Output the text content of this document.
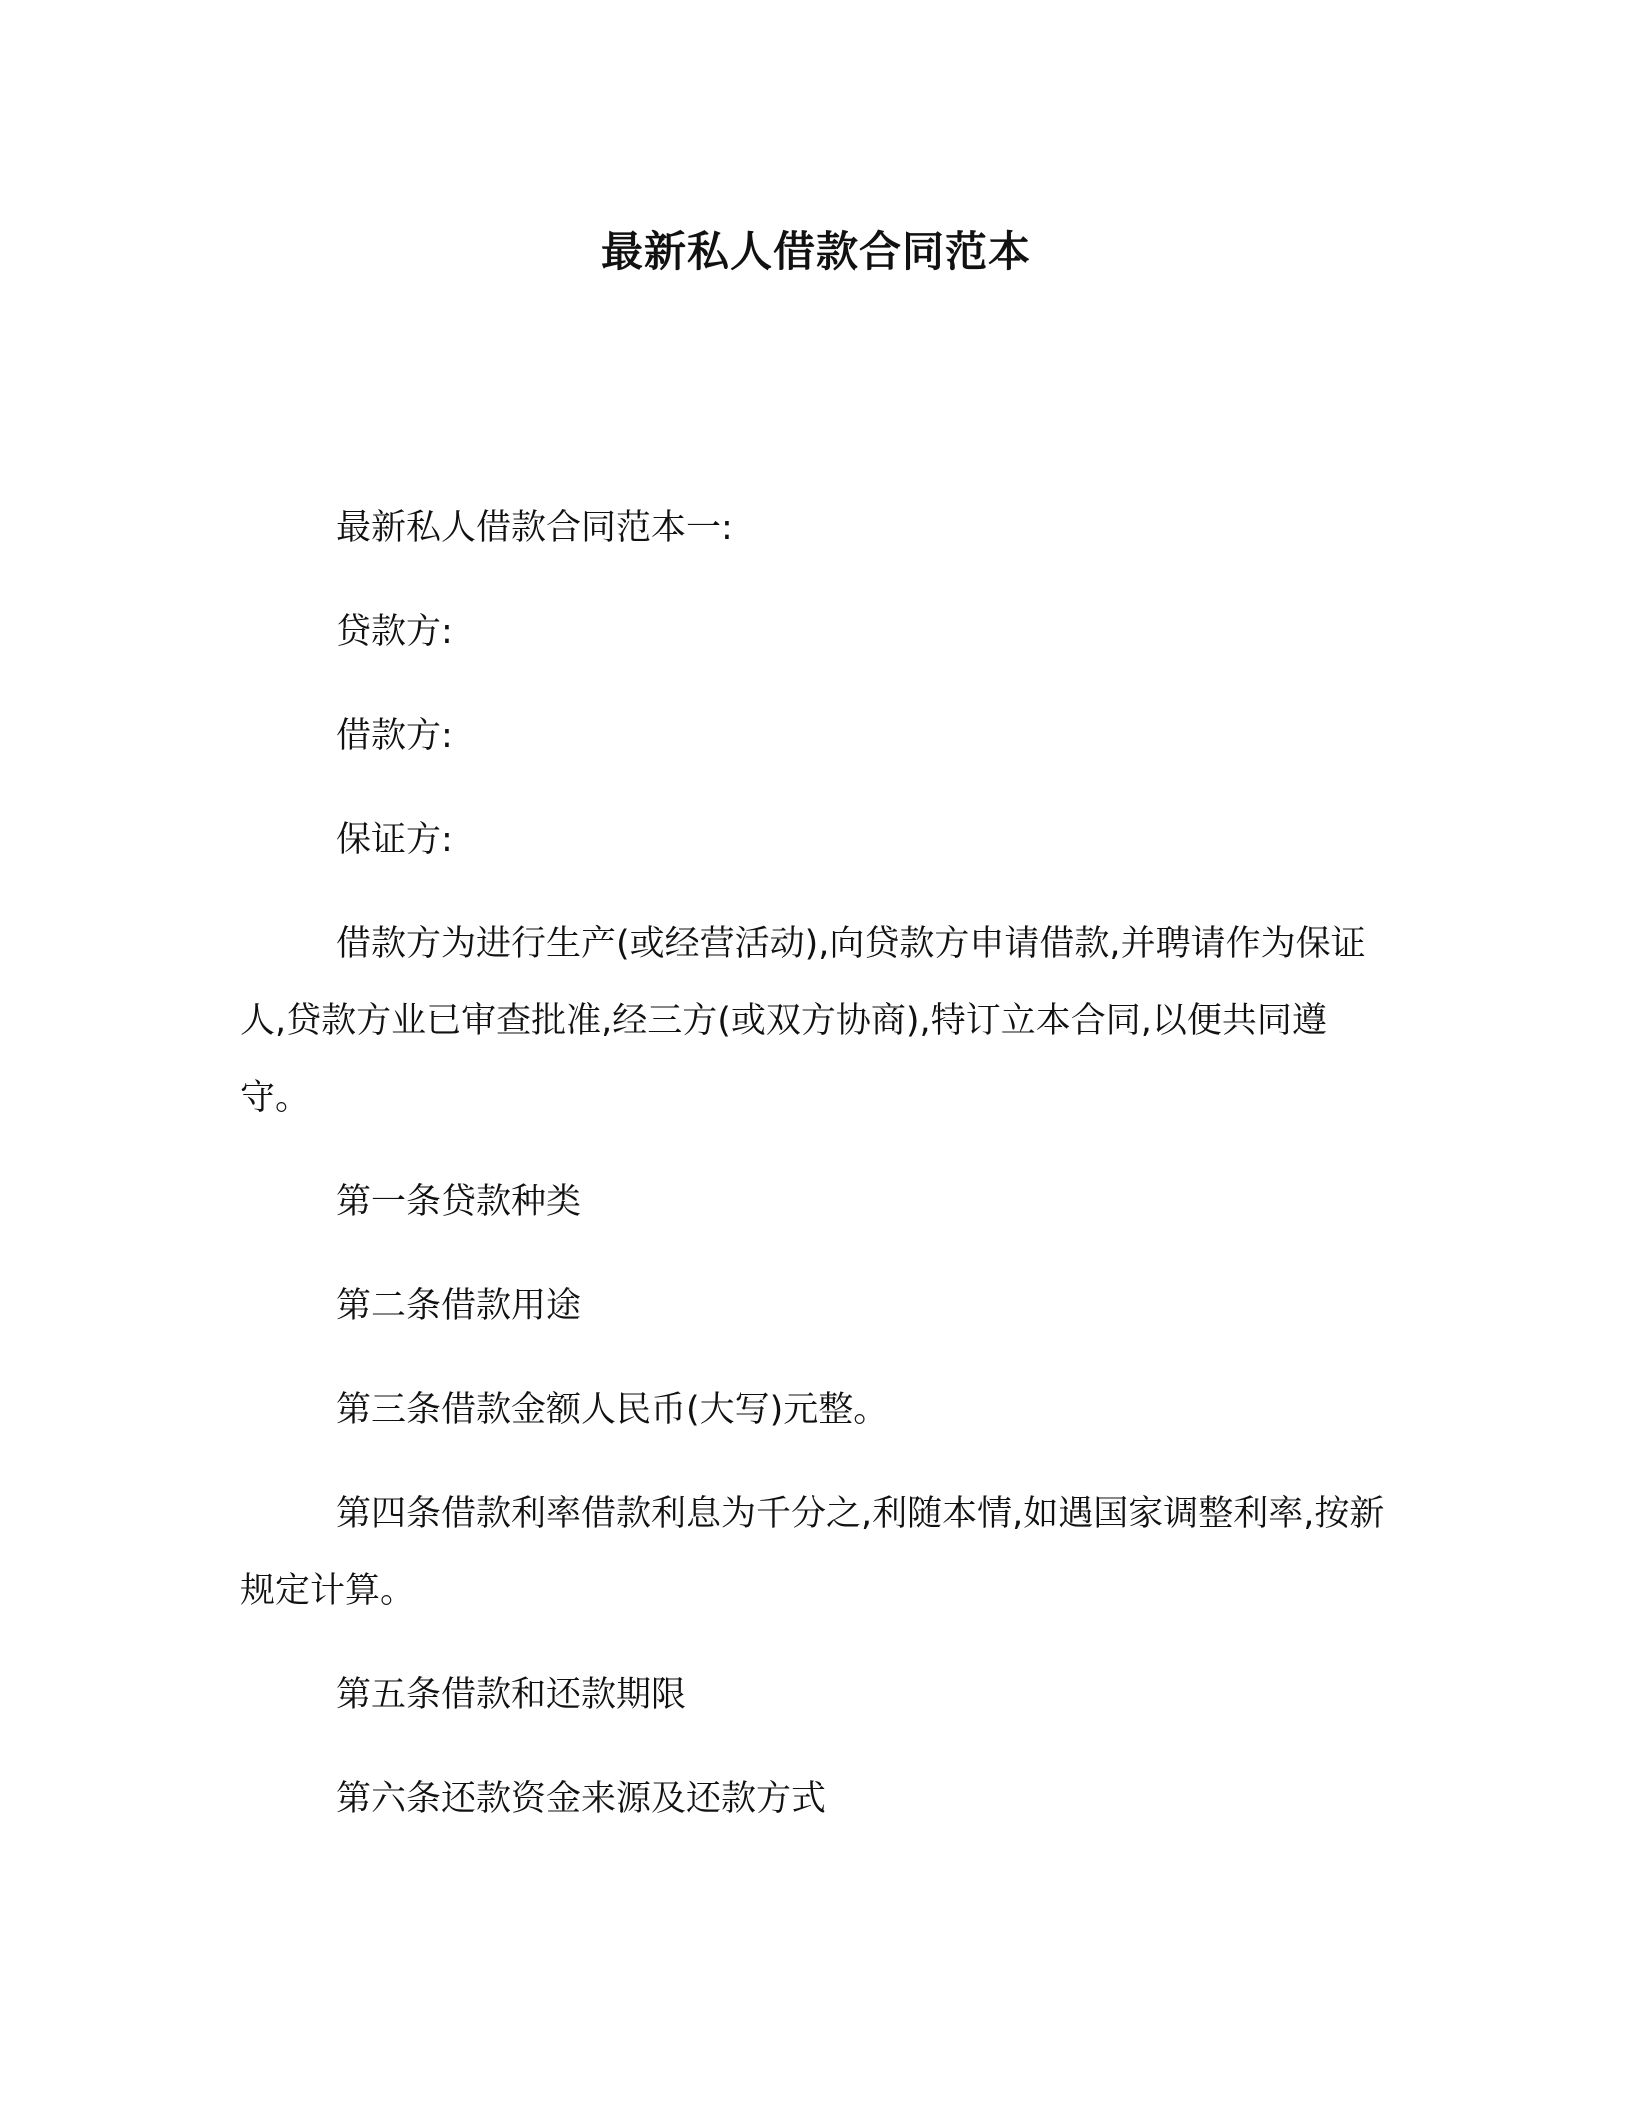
最新私人借款合同范本

最新私人借款合同范本一:

贷款方:

借款方:

保证方:

借款方为进行生产(或经营活动),向贷款方申请借款,并聘请作为保证人,贷款方业已审查批准,经三方(或双方协商),特订立本合同,以便共同遵守。

第一条贷款种类

第二条借款用途

第三条借款金额人民币(大写)元整。

第四条借款利率借款利息为千分之,利随本情,如遇国家调整利率,按新规定计算。

第五条借款和还款期限

第六条还款资金来源及还款方式
